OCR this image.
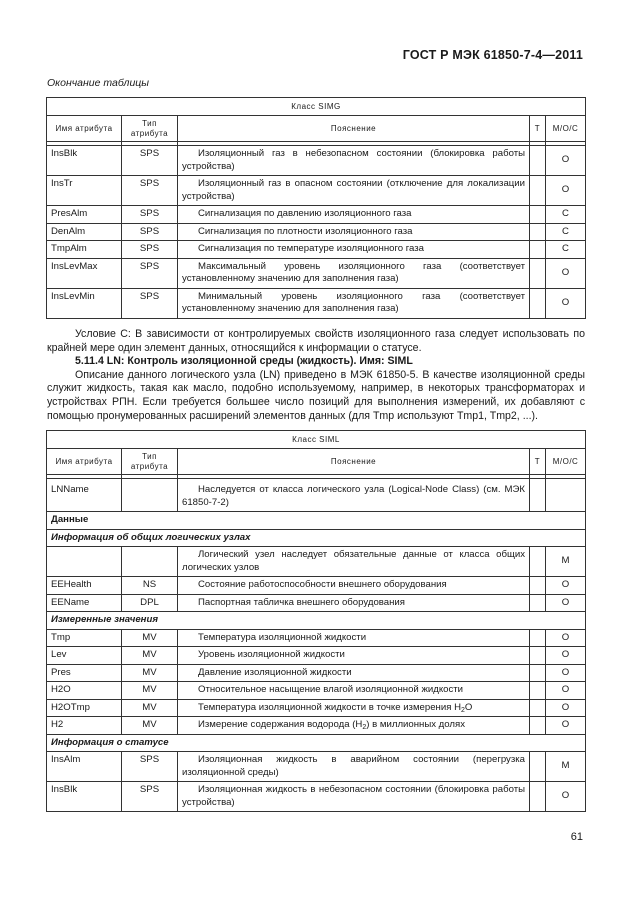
ГОСТ Р МЭК 61850-7-4—2011
Окончание таблицы
Класс SIMG				
Имя атрибута	Тип атрибута	Пояснение	T	M/O/C

InsBlk	SPS	Изоляционный газ в небезопасном состоянии (блокировка работы устройства)		O
InsTr	SPS	Изоляционный газ в опасном состоянии (отключение для локализации устройства)		O
PresAlm	SPS	Сигнализация по давлению изоляционного газа		C
DenAlm	SPS	Сигнализация по плотности изоляционного газа		C
TmpAlm	SPS	Сигнализация по температуре изоляционного газа		C
InsLevMax	SPS	Максимальный уровень изоляционного газа (соответствует установленному значению для заполнения газа)		O
InsLevMin	SPS	Минимальный уровень изоляционного газа (соответствует установленному значению для заполнения газа)		O

Условие С: В зависимости от контролируемых свойств изоляционного газа следует использовать по крайней мере один элемент данных, относящийся к информации о статусе.

5.11.4 LN: Контроль изоляционной среды (жидкость). Имя: SIML

Описание данного логического узла (LN) приведено в МЭК 61850-5. В качестве изоляционной среды служит жидкость, такая как масло, подобно используемому, например, в некоторых трансформаторах и устройствах РПН. Если требуется большее число позиций для выполнения измерений, их добавляют с помощью пронумерованных расширений элементов данных (для Tmp используют Tmp1, Tmp2, ...).

Класс SIML				
Имя атрибута	Тип атрибута	Пояснение	T	M/O/C

LNName		Наследуется от класса логического узла (Logical-Node Class) (см. МЭК 61850-7-2)		
Данные				
Информация об общих логических узлах				
		Логический узел наследует обязательные данные от класса общих логических узлов		M
EEHealth	NS	Состояние работоспособности внешнего оборудования		O
EEName	DPL	Паспортная табличка внешнего оборудования		O
Измеренные значения				
Tmp	MV	Температура изоляционной жидкости		O
Lev	MV	Уровень изоляционной жидкости		O
Pres	MV	Давление изоляционной жидкости		O
H2O	MV	Относительное насыщение влагой изоляционной жидкости		O
H2OTmp	MV	Температура изоляционной жидкости в точке измерения $H_2O$		O
H2	MV	Измерение содержания водорода $(H_2)$ в миллионных долях		O
Информация о статусе				
InsAlm	SPS	Изоляционная жидкость в аварийном состоянии (перегрузка изоляционной среды)		M
InsBlk	SPS	Изоляционная жидкость в небезопасном состоянии (блокировка работы устройства)		O
61
